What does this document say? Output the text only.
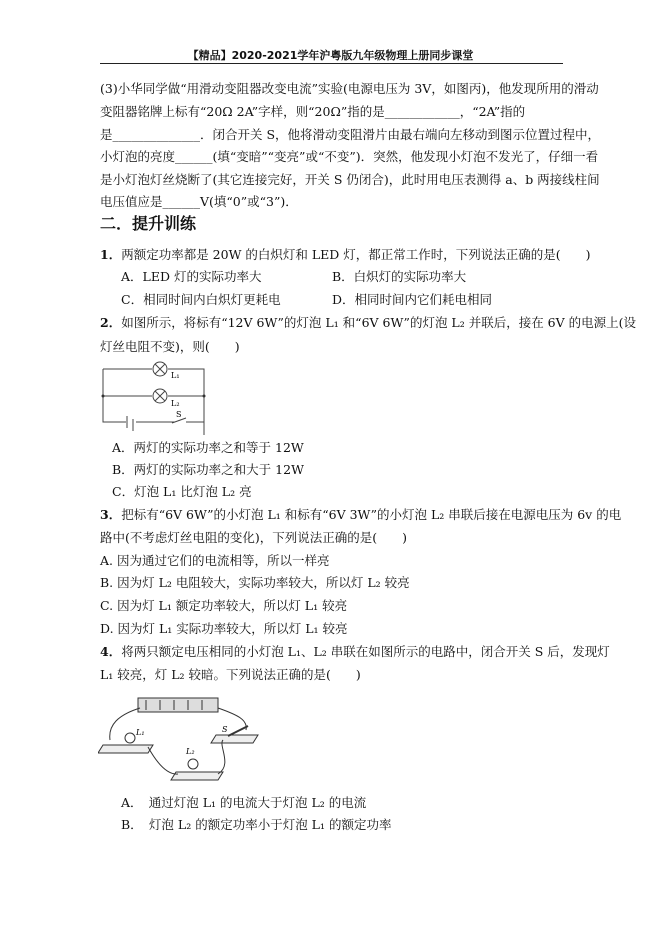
【精品】2020-2021学年沪粤版九年级物理上册同步课堂
(3)小华同学做“用滑动变阻器改变电流”实验(电源电压为 3V，如图丙)，他发现所用的滑动
变阻器铭牌上标有“20Ω 2A”字样，则“20Ω”指的是____________，“2A”指的
是______________．闭合开关 S，他将滑动变阻滑片由最右端向左移动到图示位置过程中，
小灯泡的亮度______(填“变暗”“变亮”或“不变”)．突然，他发现小灯泡不发光了，仔细一看
是小灯泡灯丝烧断了(其它连接完好，开关 S 仍闭合)，此时用电压表测得 a、b 两接线柱间
电压值应是______V(填“0”或“3”)．
二．提升训练
1．两额定功率都是 20W 的白炽灯和 LED 灯，都正常工作时，下列说法正确的是(　　)
A．LED 灯的实际功率大	B．白炽灯的实际功率大
C．相同时间内白炽灯更耗电	D．相同时间内它们耗电相同
2．如图所示，将标有“12V 6W”的灯泡 L₁ 和“6V 6W”的灯泡 L₂ 并联后，接在 6V 的电源上(设
灯丝电阻不变)，则(　　)
L₁
L₂
S
A．两灯的实际功率之和等于 12W
B．两灯的实际功率之和大于 12W
C．灯泡 L₁ 比灯泡 L₂ 亮
3．把标有“6V 6W”的小灯泡 L₁ 和标有“6V 3W”的小灯泡 L₂ 串联后接在电源电压为 6v 的电
路中(不考虑灯丝电阻的变化)，下列说法正确的是(　　)
A. 因为通过它们的电流相等，所以一样亮
B. 因为灯 L₂ 电阻较大，实际功率较大，所以灯 L₂ 较亮
C. 因为灯 L₁ 额定功率较大，所以灯 L₁ 较亮
D. 因为灯 L₁ 实际功率较大，所以灯 L₁ 较亮
4．将两只额定电压相同的小灯泡 L₁、L₂ 串联在如图所示的电路中，闭合开关 S 后，发现灯
L₁ 较亮，灯 L₂ 较暗。下列说法正确的是(　　)
L₁
L₂
S
A．　通过灯泡 L₁ 的电流大于灯泡 L₂ 的电流
B．　灯泡 L₂ 的额定功率小于灯泡 L₁ 的额定功率
